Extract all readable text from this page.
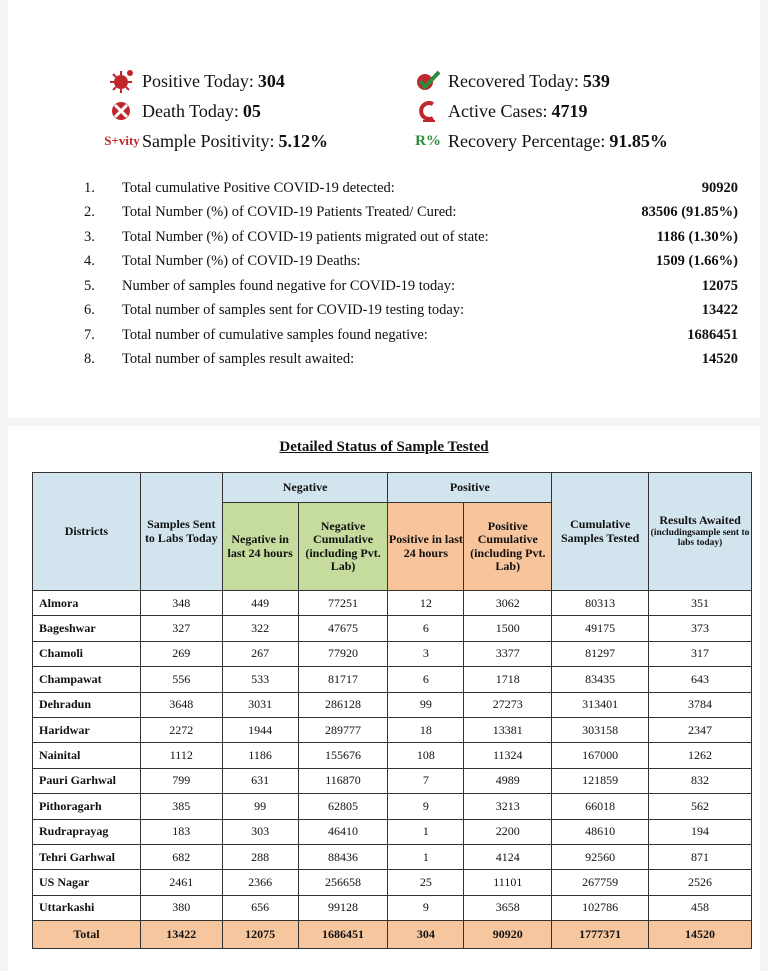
Positive Today: 304	Recovered Today: 539
Death Today: 05	Active Cases: 4719
S+vity Sample Positivity: 5.12%	R% Recovery Percentage: 91.85%
1.	Total cumulative Positive COVID-19 detected:	90920
2.	Total Number (%) of COVID-19 Patients Treated/ Cured:	83506 (91.85%)
3.	Total Number (%) of COVID-19 patients migrated out of state:	1186 (1.30%)
4.	Total Number (%) of COVID-19 Deaths:	1509 (1.66%)
5.	Number of samples found negative for COVID-19 today:	12075
6.	Total number of samples sent for COVID-19 testing today:	13422
7.	Total number of cumulative samples found negative:	1686451
8.	Total number of samples result awaited:	14520
Detailed Status of Sample Tested
Districts	Samples Sent to Labs Today	Negative		Positive		Cumulative Samples Tested	Results Awaited
(includingsample sent to labs today)

		Negative in last 24 hours	Negative Cumulative (including Pvt. Lab)	Positive in last 24 hours	Positive Cumulative (including Pvt. Lab)		
Almora	348	449	77251	12	3062	80313	351
Bageshwar	327	322	47675	6	1500	49175	373
Chamoli	269	267	77920	3	3377	81297	317
Champawat	556	533	81717	6	1718	83435	643
Dehradun	3648	3031	286128	99	27273	313401	3784
Haridwar	2272	1944	289777	18	13381	303158	2347
Nainital	1112	1186	155676	108	11324	167000	1262
Pauri Garhwal	799	631	116870	7	4989	121859	832
Pithoragarh	385	99	62805	9	3213	66018	562
Rudraprayag	183	303	46410	1	2200	48610	194
Tehri Garhwal	682	288	88436	1	4124	92560	871
US Nagar	2461	2366	256658	25	11101	267759	2526
Uttarkashi	380	656	99128	9	3658	102786	458
Total	13422	12075	1686451	304	90920	1777371	14520
